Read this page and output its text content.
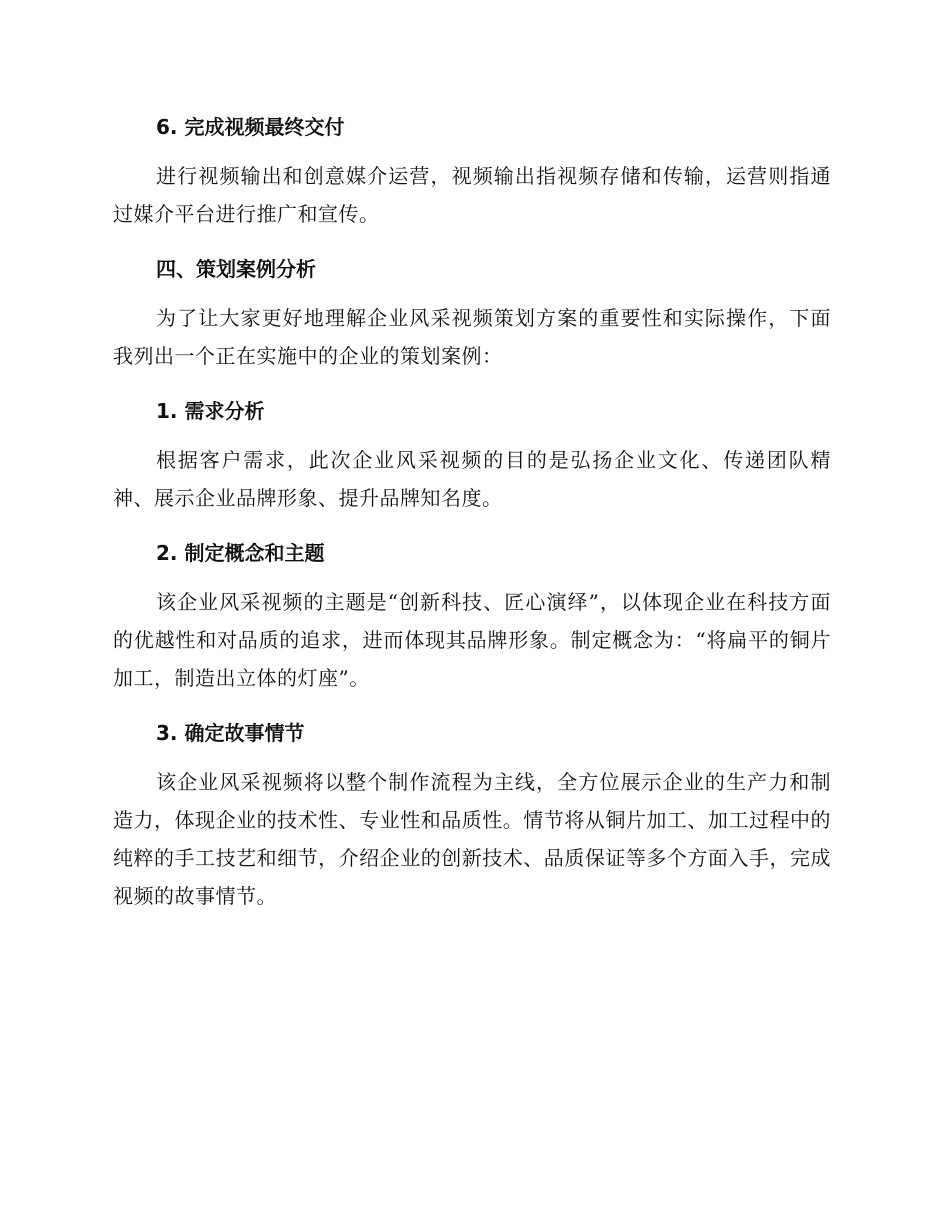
6. 完成视频最终交付

进行视频输出和创意媒介运营，视频输出指视频存储和传输，运营则指通过媒介平台进行推广和宣传。

四、策划案例分析

为了让大家更好地理解企业风采视频策划方案的重要性和实际操作，下面我列出一个正在实施中的企业的策划案例：

1. 需求分析

根据客户需求，此次企业风采视频的目的是弘扬企业文化、传递团队精神、展示企业品牌形象、提升品牌知名度。

2. 制定概念和主题

该企业风采视频的主题是“创新科技、匠心演绎”，以体现企业在科技方面的优越性和对品质的追求，进而体现其品牌形象。制定概念为：“将扁平的铜片加工，制造出立体的灯座”。

3. 确定故事情节

该企业风采视频将以整个制作流程为主线，全方位展示企业的生产力和制造力，体现企业的技术性、专业性和品质性。情节将从铜片加工、加工过程中的纯粹的手工技艺和细节，介绍企业的创新技术、品质保证等多个方面入手，完成视频的故事情节。
